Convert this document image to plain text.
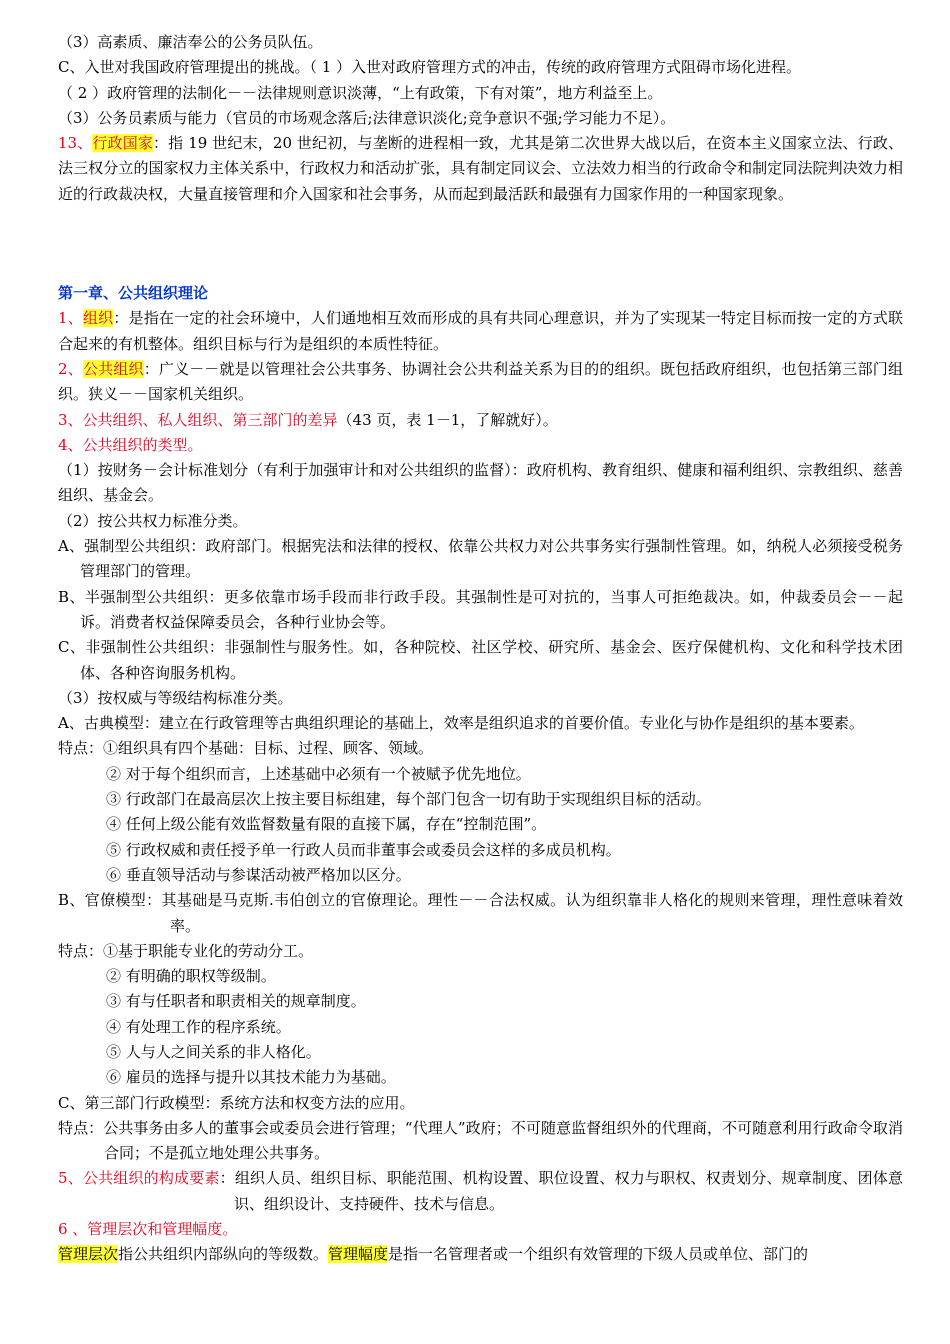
（3）高素质、廉洁奉公的公务员队伍。

C、入世对我国政府管理提出的挑战。（ 1 ）入世对政府管理方式的冲击，传统的政府管理方式阻碍市场化进程。

（ 2 ）政府管理的法制化－－法律规则意识淡薄，“上有政策，下有对策”，地方利益至上。

（3）公务员素质与能力（官员的市场观念落后;法律意识淡化;竞争意识不强;学习能力不足）。

13、行政国家：指 19 世纪末，20 世纪初，与垄断的进程相一致，尤其是第二次世界大战以后，在资本主义国家立法、行政、法三权分立的国家权力主体关系中，行政权力和活动扩张，具有制定同议会、立法效力相当的行政命令和制定同法院判决效力相近的行政裁决权，大量直接管理和介入国家和社会事务，从而起到最活跃和最强有力国家作用的一种国家现象。

第一章、公共组织理论

1、组织：是指在一定的社会环境中，人们通地相互效而形成的具有共同心理意识，并为了实现某一特定目标而按一定的方式联合起来的有机整体。组织目标与行为是组织的本质性特征。

2、公共组织：广义－－就是以管理社会公共事务、协调社会公共利益关系为目的的组织。既包括政府组织，也包括第三部门组织。狭义－－国家机关组织。

3、公共组织、私人组织、第三部门的差异（43 页，表 1－1，了解就好）。

4、公共组织的类型。

（1）按财务－会计标准划分（有利于加强审计和对公共组织的监督）：政府机构、教育组织、健康和福利组织、宗教组织、慈善组织、基金会。

（2）按公共权力标准分类。

A、强制型公共组织：政府部门。根据宪法和法律的授权、依靠公共权力对公共事务实行强制性管理。如，纳税人必须接受税务管理部门的管理。

B、半强制型公共组织：更多依靠市场手段而非行政手段。其强制性是可对抗的，当事人可拒绝裁决。如，仲裁委员会－－起诉。消费者权益保障委员会，各种行业协会等。

C、非强制性公共组织：非强制性与服务性。如，各种院校、社区学校、研究所、基金会、医疗保健机构、文化和科学技术团体、各种咨询服务机构。

（3）按权威与等级结构标准分类。

A、古典模型：建立在行政管理等古典组织理论的基础上，效率是组织追求的首要价值。专业化与协作是组织的基本要素。

特点：①组织具有四个基础：目标、过程、顾客、领域。

② 对于每个组织而言，上述基础中必须有一个被赋予优先地位。

③ 行政部门在最高层次上按主要目标组建，每个部门包含一切有助于实现组织目标的活动。

④ 任何上级公能有效监督数量有限的直接下属，存在“控制范围”。

⑤ 行政权威和责任授予单一行政人员而非董事会或委员会这样的多成员机构。

⑥ 垂直领导活动与参谋活动被严格加以区分。

B、官僚模型：其基础是马克斯.韦伯创立的官僚理论。理性－－合法权威。认为组织靠非人格化的规则来管理，理性意味着效率。

特点：①基于职能专业化的劳动分工。

② 有明确的职权等级制。

③ 有与任职者和职责相关的规章制度。

④ 有处理工作的程序系统。

⑤ 人与人之间关系的非人格化。

⑥ 雇员的选择与提升以其技术能力为基础。

C、第三部门行政模型：系统方法和权变方法的应用。

特点：公共事务由多人的董事会或委员会进行管理；“代理人”政府；不可随意监督组织外的代理商，不可随意利用行政命令取消合同；不是孤立地处理公共事务。

5、公共组织的构成要素：组织人员、组织目标、职能范围、机构设置、职位设置、权力与职权、权责划分、规章制度、团体意识、组织设计、支持硬件、技术与信息。

6 、管理层次和管理幅度。

管理层次指公共组织内部纵向的等级数。管理幅度是指一名管理者或一个组织有效管理的下级人员或单位、部门的
